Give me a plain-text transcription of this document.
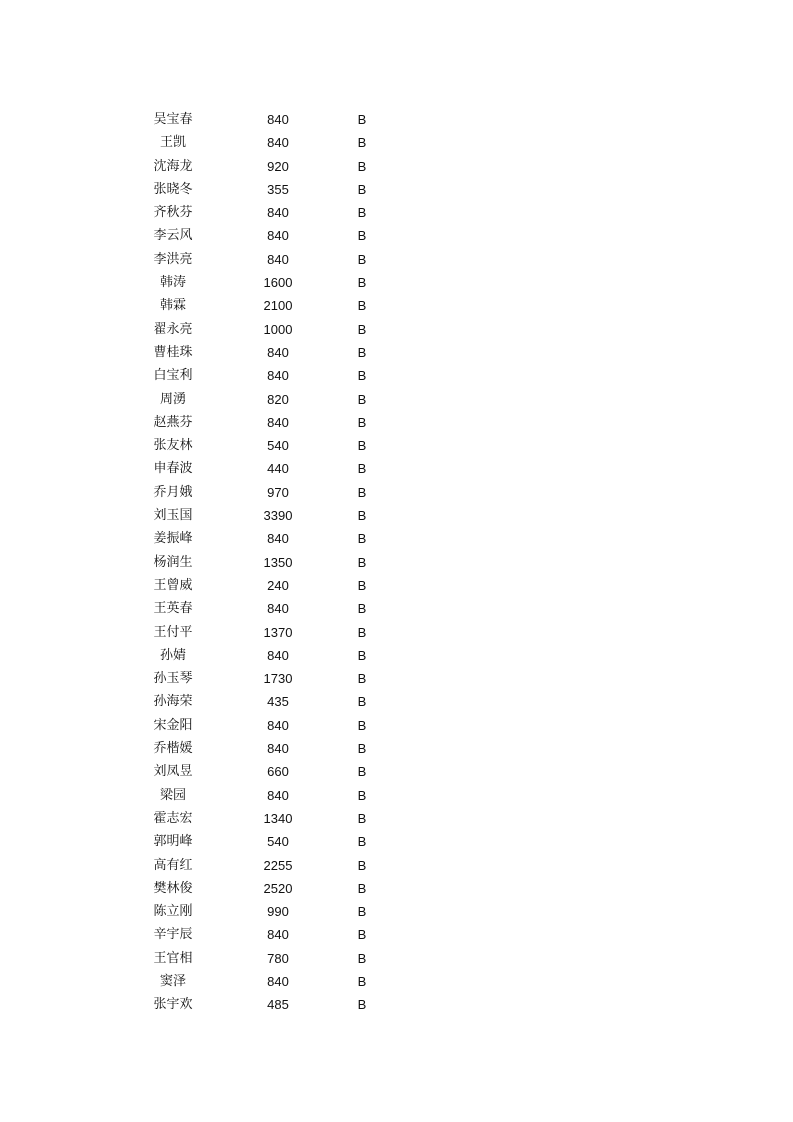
吴宝春	840	B
王凯	840	B
沈海龙	920	B
张晓冬	355	B
齐秋芬	840	B
李云风	840	B
李洪亮	840	B
韩涛	1600	B
韩霖	2100	B
翟永亮	1000	B
曹桂珠	840	B
白宝利	840	B
周湧	820	B
赵燕芬	840	B
张友林	540	B
申春波	440	B
乔月娥	970	B
刘玉国	3390	B
姜振峰	840	B
杨润生	1350	B
王曾威	240	B
王英春	840	B
王付平	1370	B
孙婧	840	B
孙玉琴	1730	B
孙海荣	435	B
宋金阳	840	B
乔楷媛	840	B
刘凤昱	660	B
梁园	840	B
霍志宏	1340	B
郭明峰	540	B
高有红	2255	B
樊林俊	2520	B
陈立刚	990	B
辛宇辰	840	B
王官相	780	B
窦泽	840	B
张宇欢	485	B
